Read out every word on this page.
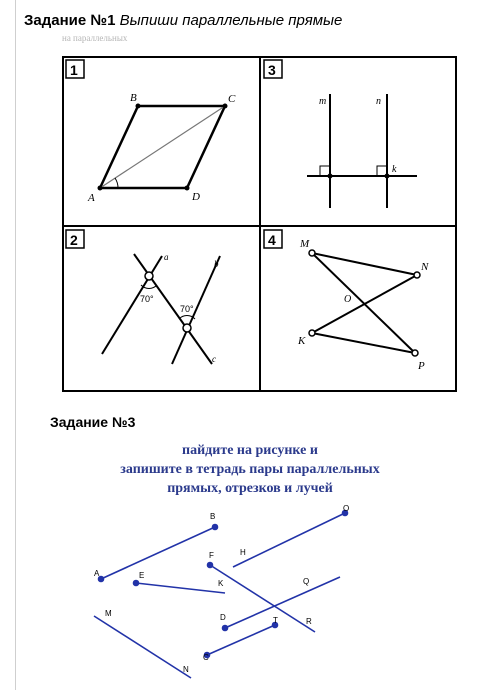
Задание №1 Выпиши параллельные прямые
на параллельных
1
A
B	C
D
3
m	n
k
2
a
b
c
70°
70°
4 M
N
O
K
P
Задание №3
пайдите на рисунке и
запишите в тетрадь пары параллельных
прямых, отрезков и лучей
A
B
E
F	H
O
K	Q
D	T	R
M
C
N
